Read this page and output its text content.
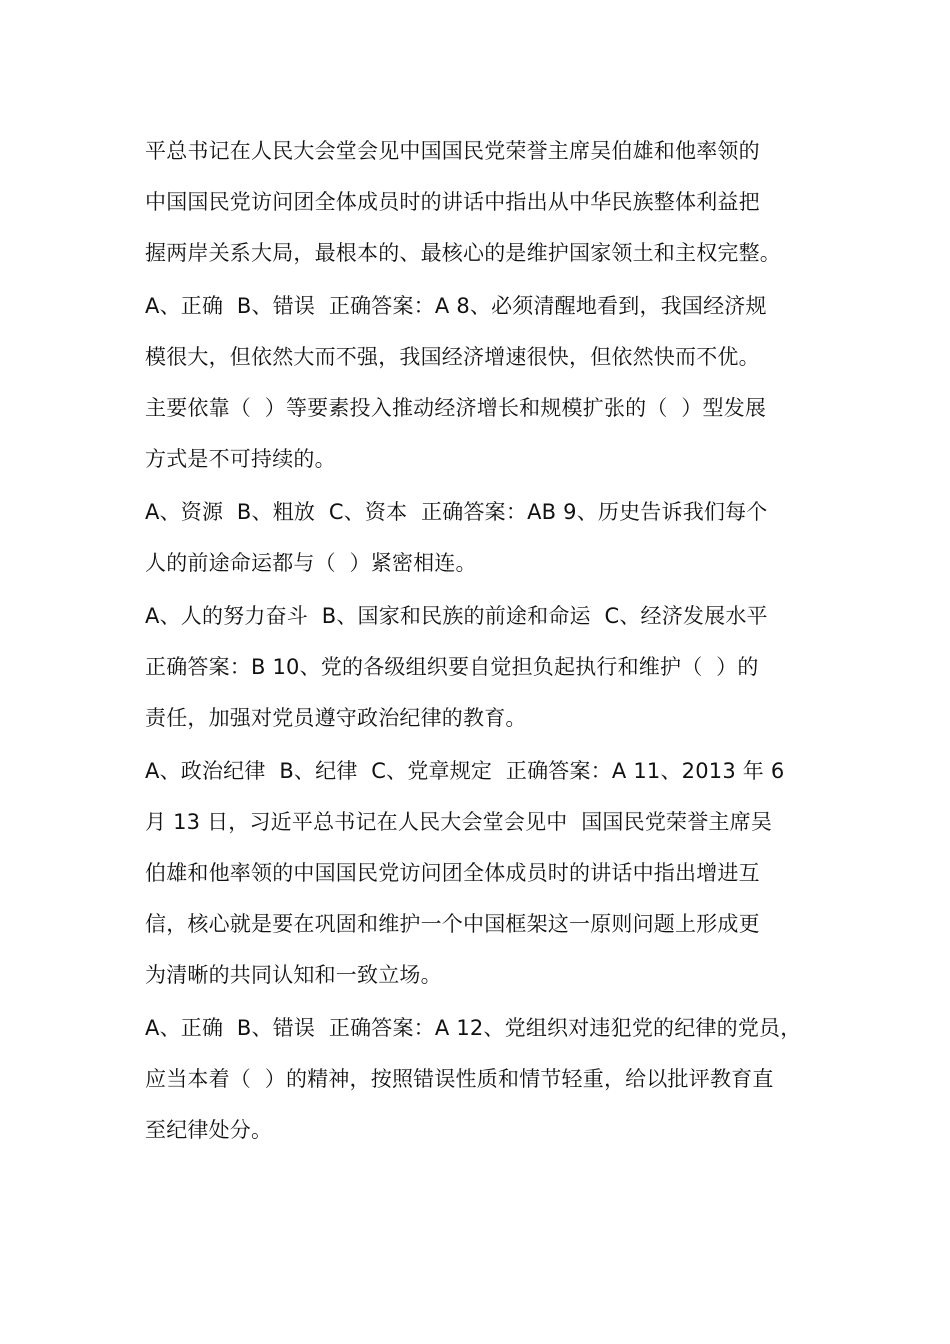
平总书记在人民大会堂会见中国国民党荣誉主席吴伯雄和他率领的
中国国民党访问团全体成员时的讲话中指出从中华民族整体利益把
握两岸关系大局，最根本的、最核心的是维护国家领土和主权完整。
A、正确  B、错误  正确答案：A 8、必须清醒地看到，我国经济规
模很大，但依然大而不强，我国经济增速很快，但依然快而不优。
主要依靠（  ）等要素投入推动经济增长和规模扩张的（  ）型发展
方式是不可持续的。
A、资源  B、粗放  C、资本  正确答案：AB 9、历史告诉我们每个
人的前途命运都与（  ）紧密相连。
A、人的努力奋斗  B、国家和民族的前途和命运  C、经济发展水平
正确答案：B 10、党的各级组织要自觉担负起执行和维护（  ）的
责任，加强对党员遵守政治纪律的教育。
A、政治纪律  B、纪律  C、党章规定  正确答案：A 11、2013 年 6
月 13 日，习近平总书记在人民大会堂会见中  国国民党荣誉主席吴
伯雄和他率领的中国国民党访问团全体成员时的讲话中指出增进互
信，核心就是要在巩固和维护一个中国框架这一原则问题上形成更
为清晰的共同认知和一致立场。
A、正确  B、错误  正确答案：A 12、党组织对违犯党的纪律的党员，
应当本着（  ）的精神，按照错误性质和情节轻重，给以批评教育直
至纪律处分。
